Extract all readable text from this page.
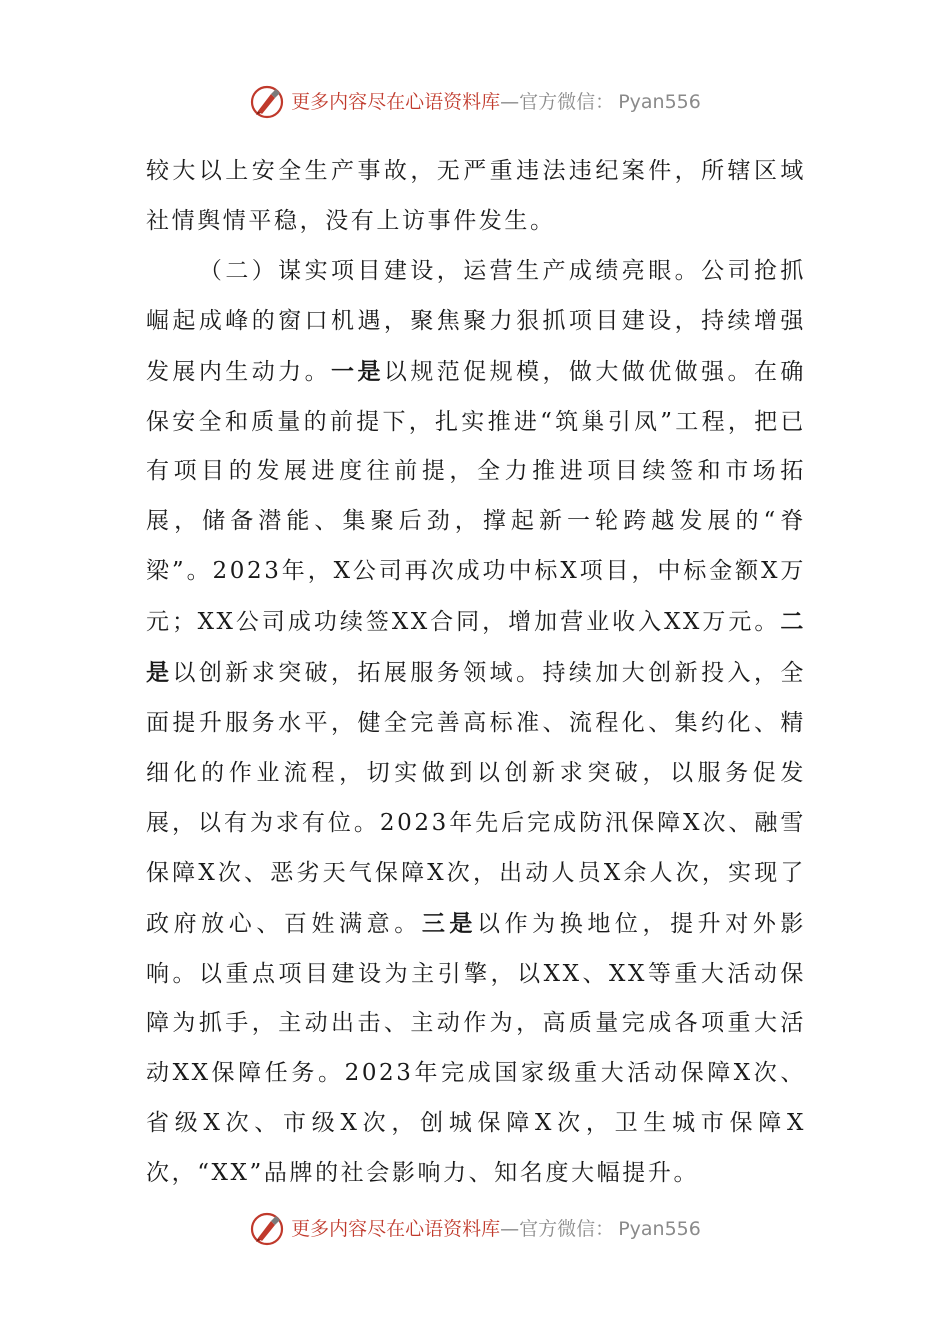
更多内容尽在心语资料库—官方微信： Pyan556

较大以上安全生产事故，无严重违法违纪案件，所辖区域社情舆情平稳，没有上访事件发生。

（二）谋实项目建设，运营生产成绩亮眼。公司抢抓崛起成峰的窗口机遇，聚焦聚力狠抓项目建设，持续增强发展内生动力。一是以规范促规模，做大做优做强。在确保安全和质量的前提下，扎实推进“筑巢引凤”工程，把已有项目的发展进度往前提，全力推进项目续签和市场拓展，储备潜能、集聚后劲，撑起新一轮跨越发展的“脊梁”。2023年，X公司再次成功中标X项目，中标金额X万元；XX公司成功续签XX合同，增加营业收入XX万元。二是以创新求突破，拓展服务领域。持续加大创新投入，全面提升服务水平，健全完善高标准、流程化、集约化、精细化的作业流程，切实做到以创新求突破，以服务促发展，以有为求有位。2023年先后完成防汛保障X次、融雪保障X次、恶劣天气保障X次，出动人员X余人次，实现了政府放心、百姓满意。三是以作为换地位，提升对外影响。以重点项目建设为主引擎，以XX、XX等重大活动保障为抓手，主动出击、主动作为，高质量完成各项重大活动XX保障任务。2023年完成国家级重大活动保障X次、省级X次、市级X次，创城保障X次，卫生城市保障X次，“XX”品牌的社会影响力、知名度大幅提升。

更多内容尽在心语资料库—官方微信： Pyan556
